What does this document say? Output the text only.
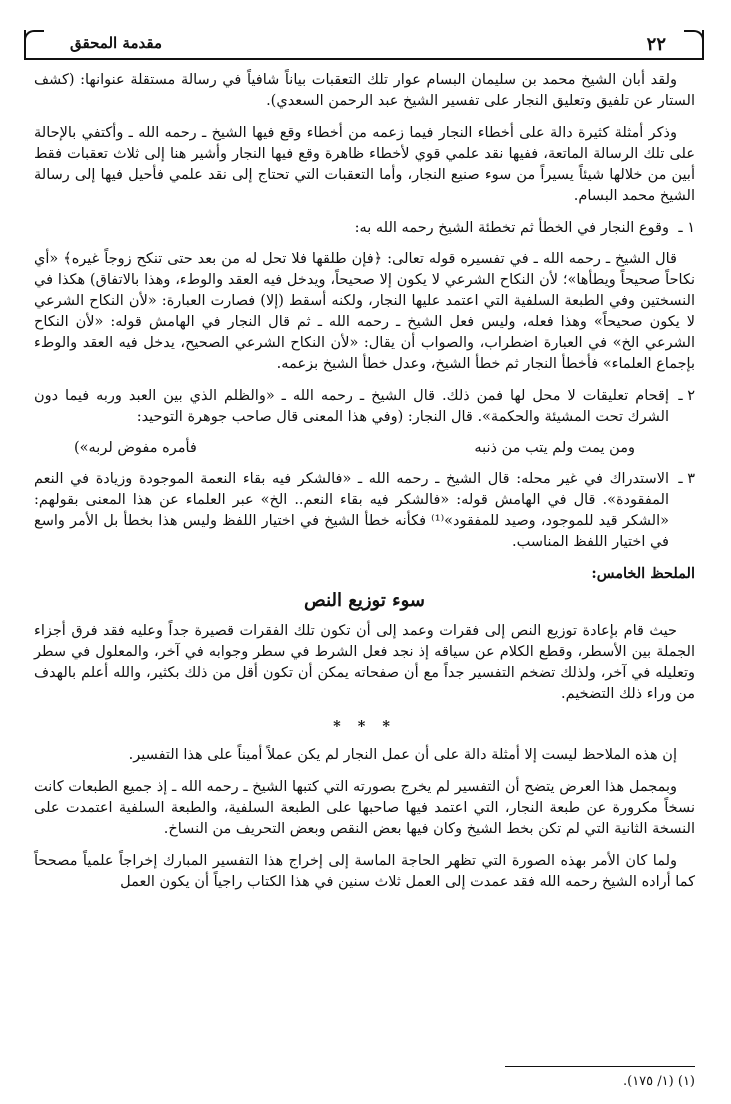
٢٢
مقدمة المحقق

ولقد أبان الشيخ محمد بن سليمان البسام عوار تلك التعقبات بياناً شافياً في رسالة مستقلة عنوانها: (كشف الستار عن تلفيق وتعليق النجار على تفسير الشيخ عبد الرحمن السعدي).

وذكر أمثلة كثيرة دالة على أخطاء النجار فيما زعمه من أخطاء وقع فيها الشيخ ـ رحمه الله ـ وأكتفي بالإحالة على تلك الرسالة الماتعة، ففيها نقد علمي قوي لأخطاء ظاهرة وقع فيها النجار وأشير هنا إلى ثلاث تعقبات فقط أبين من خلالها شيئاً يسيراً من سوء صنيع النجار، وأما التعقبات التي تحتاج إلى نقد علمي فأحيل فيها إلى رسالة الشيخ محمد البسام.

١ ـ
وقوع النجار في الخطأ ثم تخطئة الشيخ رحمه الله به:

قال الشيخ ـ رحمه الله ـ في تفسيره قوله تعالى: ﴿فإن طلقها فلا تحل له من بعد حتى تنكح زوجاً غيره﴾ «أي نكاحاً صحيحاً ويطأها»؛ لأن النكاح الشرعي لا يكون إلا صحيحاً، ويدخل فيه العقد والوطء، وهذا بالاتفاق) هكذا في النسختين وفي الطبعة السلفية التي اعتمد عليها النجار، ولكنه أسقط (إلا) فصارت العبارة: «لأن النكاح الشرعي لا يكون صحيحاً» وهذا فعله، وليس فعل الشيخ ـ رحمه الله ـ ثم قال النجار في الهامش قوله: «لأن النكاح الشرعي الخ» في العبارة اضطراب، والصواب أن يقال: «لأن النكاح الشرعي الصحيح، يدخل فيه العقد والوطء بإجماع العلماء» فأخطأ النجار ثم خطأ الشيخ، وعدل خطأ الشيخ بزعمه.

٢ ـ
إقحام تعليقات لا محل لها فمن ذلك. قال الشيخ ـ رحمه الله ـ «والظلم الذي بين العبد وربه فيما دون الشرك تحت المشيئة والحكمة». قال النجار: (وفي هذا المعنى قال صاحب جوهرة التوحيد:
ومن يمت ولم يتب من ذنبه
فأمره مفوض لربه»)
٣ ـ
الاستدراك في غير محله: قال الشيخ ـ رحمه الله ـ «فالشكر فيه بقاء النعمة الموجودة وزيادة في النعم المفقودة». قال في الهامش قوله: «فالشكر فيه بقاء النعم.. الخ» عبر العلماء عن هذا المعنى بقولهم: «الشكر قيد للموجود، وصيد للمفقود»⁽¹⁾ فكأنه خطأ الشيخ في اختيار اللفظ وليس هذا بخطأ بل الأمر واسع في اختيار اللفظ المناسب.
الملحظ الخامس:
سوء توزيع النص

حيث قام بإعادة توزيع النص إلى فقرات وعمد إلى أن تكون تلك الفقرات قصيرة جداً وعليه فقد فرق أجزاء الجملة بين الأسطر، وقطع الكلام عن سياقه إذ نجد فعل الشرط في سطر وجوابه في آخر، والمعلول في سطر وتعليله في آخر، ولذلك تضخم التفسير جداً مع أن صفحاته يمكن أن تكون أقل من ذلك بكثير، والله أعلم بالهدف من وراء ذلك التضخيم.

* * *

إن هذه الملاحظ ليست إلا أمثلة دالة على أن عمل النجار لم يكن عملاً أميناً على هذا التفسير.

وبمجمل هذا العرض يتضح أن التفسير لم يخرج بصورته التي كتبها الشيخ ـ رحمه الله ـ إذ جميع الطبعات كانت نسخاً مكرورة عن طبعة النجار، التي اعتمد فيها صاحبها على الطبعة السلفية، والطبعة السلفية اعتمدت على النسخة الثانية التي لم تكن بخط الشيخ وكان فيها بعض النقص وبعض التحريف من النساخ.

ولما كان الأمر بهذه الصورة التي تظهر الحاجة الماسة إلى إخراج هذا التفسير المبارك إخراجاً علمياً مصححاً كما أراده الشيخ رحمه الله فقد عمدت إلى العمل ثلاث سنين في هذا الكتاب راجياً أن يكون العمل

(١) (١/ ١٧٥).
